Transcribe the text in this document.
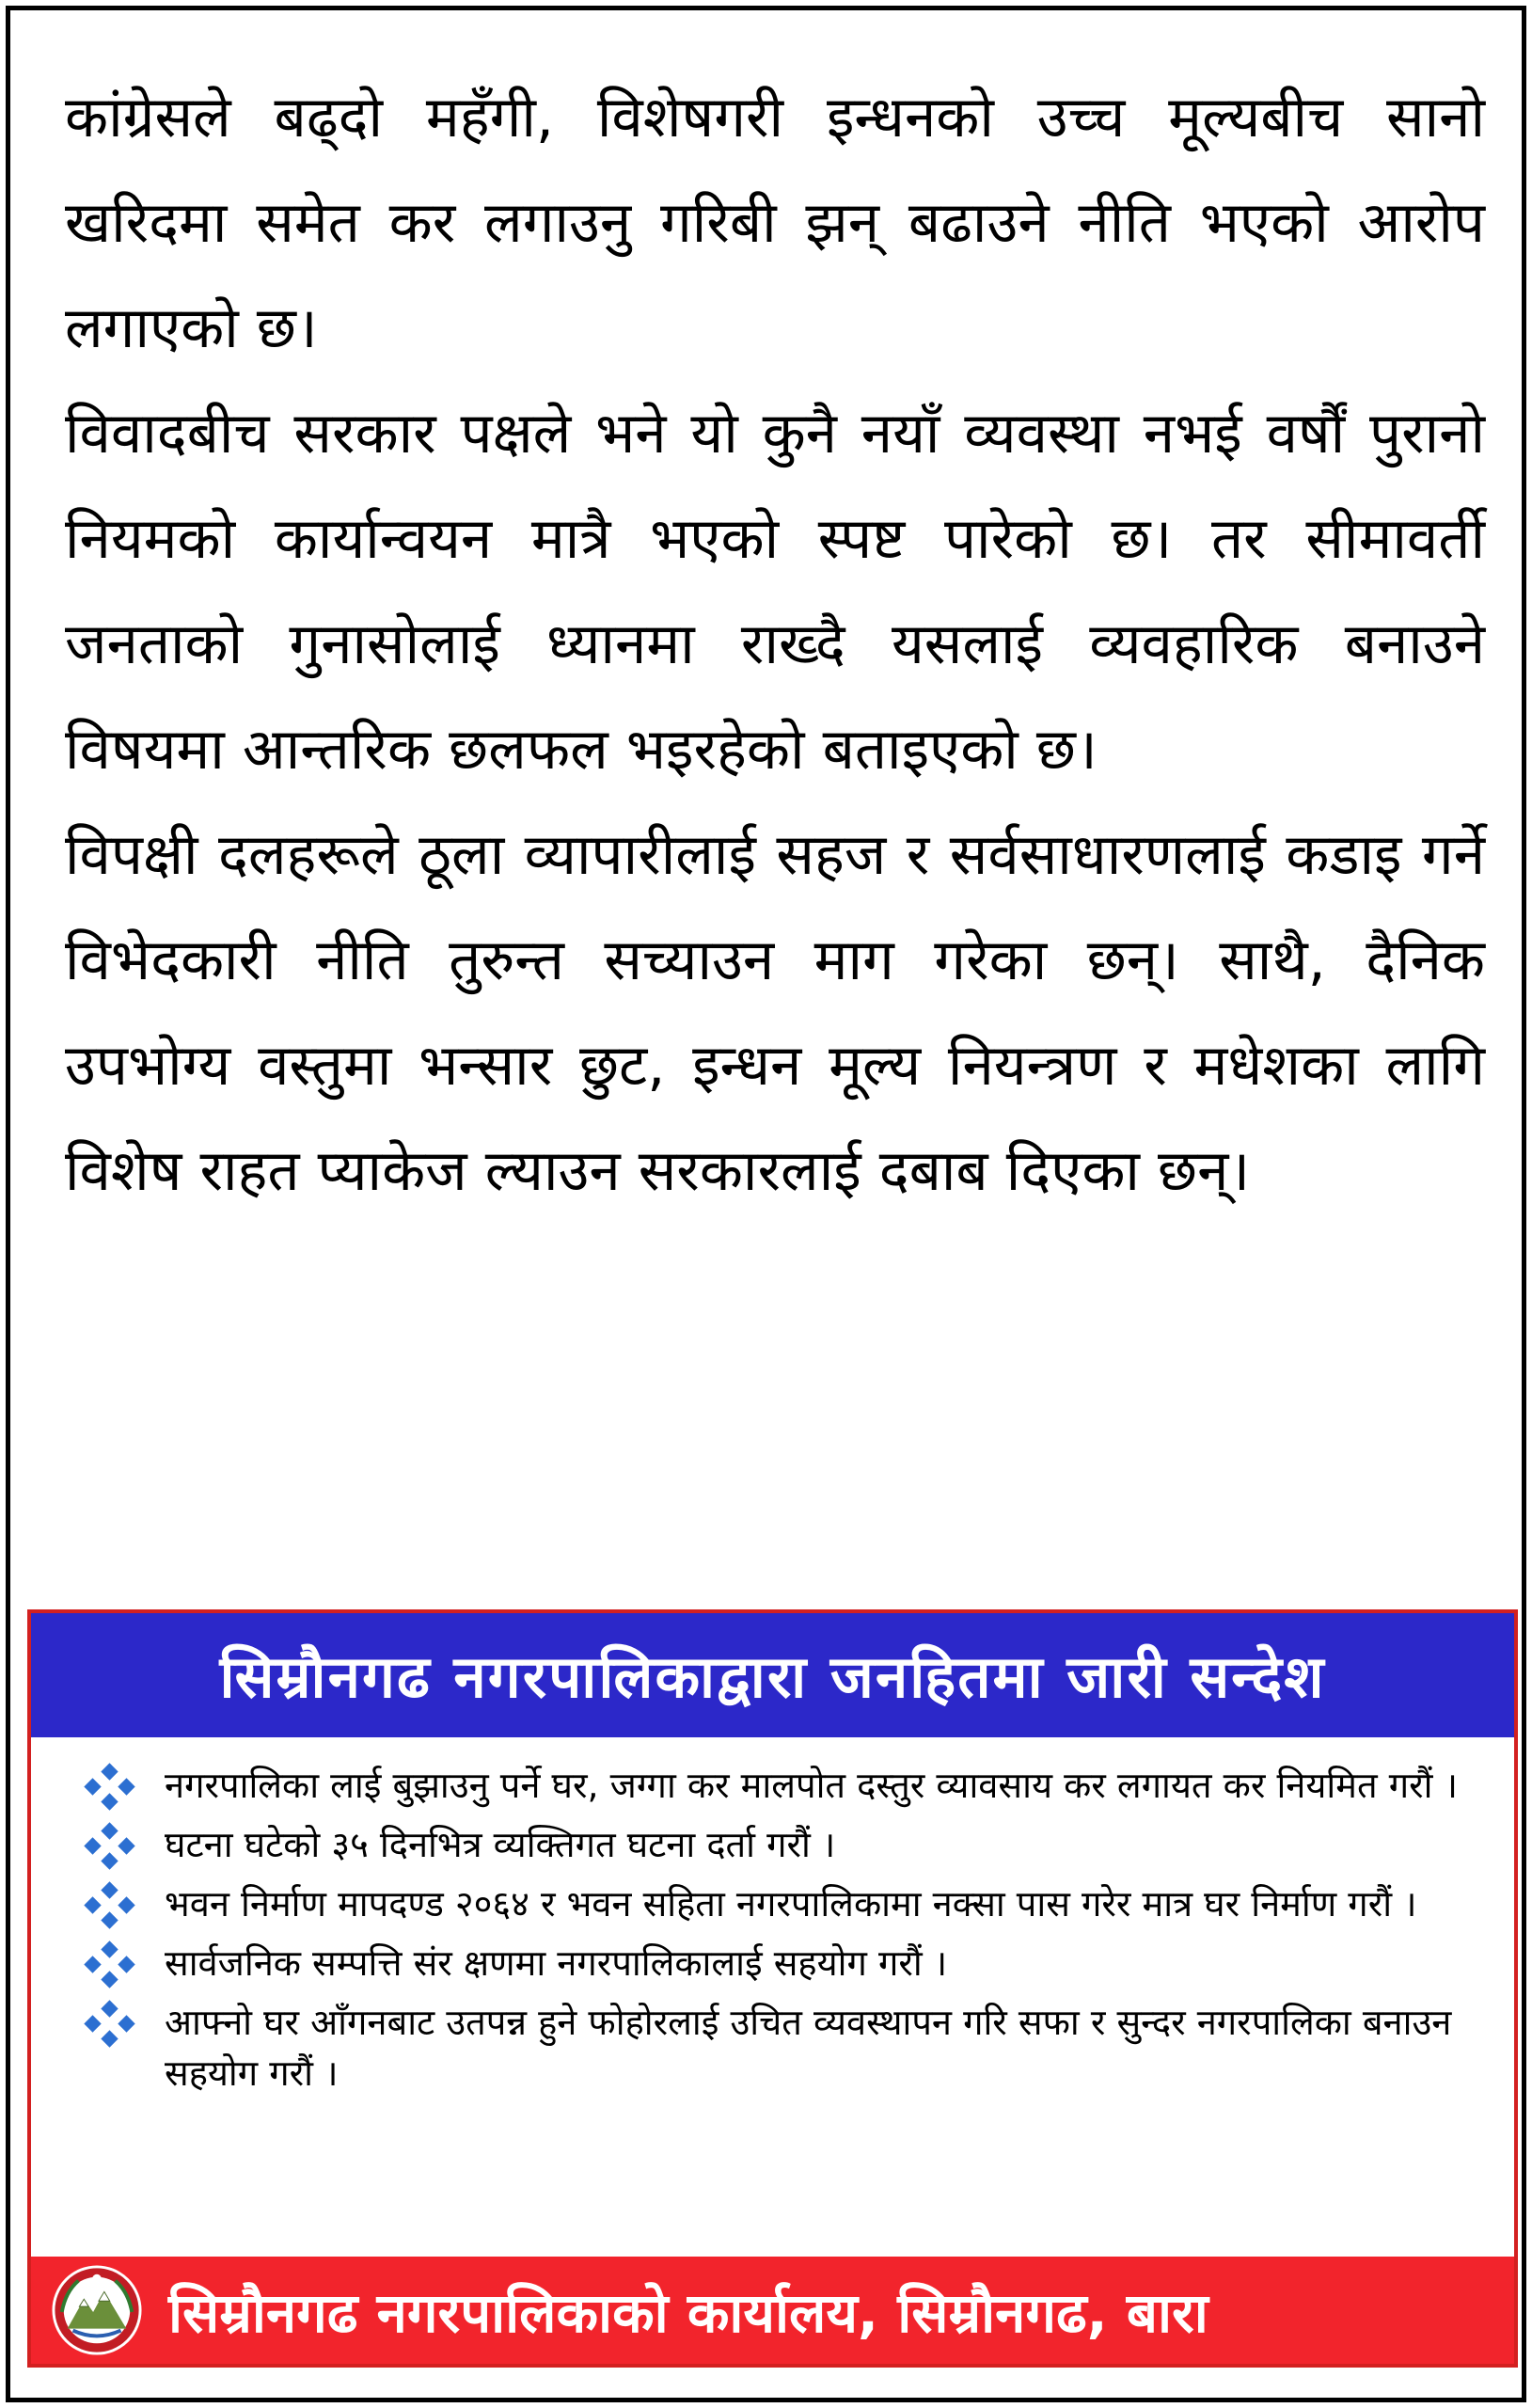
कांग्रेसले बढ्दो महँगी, विशेषगरी इन्धनको उच्च मूल्यबीच सानो खरिदमा समेत कर लगाउनु गरिबी झन् बढाउने नीति भएको आरोप लगाएको छ।

विवादबीच सरकार पक्षले भने यो कुनै नयाँ व्यवस्था नभई वर्षौं पुरानो नियमको कार्यान्वयन मात्रै भएको स्पष्ट पारेको छ। तर सीमावर्ती जनताको गुनासोलाई ध्यानमा राख्दै यसलाई व्यवहारिक बनाउने विषयमा आन्तरिक छलफल भइरहेको बताइएको छ।

विपक्षी दलहरूले ठूला व्यापारीलाई सहज र सर्वसाधारणलाई कडाइ गर्ने विभेदकारी नीति तुरुन्त सच्याउन माग गरेका छन्। साथै, दैनिक उपभोग्य वस्तुमा भन्सार छुट, इन्धन मूल्य नियन्त्रण र मधेशका लागि विशेष राहत प्याकेज ल्याउन सरकारलाई दबाब दिएका छन्।

सिम्रौनगढ नगरपालिकाद्वारा जनहितमा जारी सन्देश
नगरपालिका लाई बुझाउनु पर्ने घर, जग्गा कर मालपोत दस्तुर व्यावसाय कर लगायत कर नियमित गरौं ।
घटना घटेको ३५ दिनभित्र व्यक्तिगत घटना दर्ता गरौं ।
भवन निर्माण मापदण्ड २०६४ र भवन सहिता नगरपालिकामा नक्सा पास गरेर मात्र घर निर्माण गरौं ।
सार्वजनिक सम्पत्ति संर क्षणमा नगरपालिकालाई सहयोग गरौं ।
आफ्नो घर आँगनबाट उतपन्न हुने फोहोरलाई उचित व्यवस्थापन गरि सफा र सुन्दर नगरपालिका बनाउन सहयोग गरौं ।
सिम्रौनगढ नगरपालिकाको कार्यालय, सिम्रौनगढ, बारा
